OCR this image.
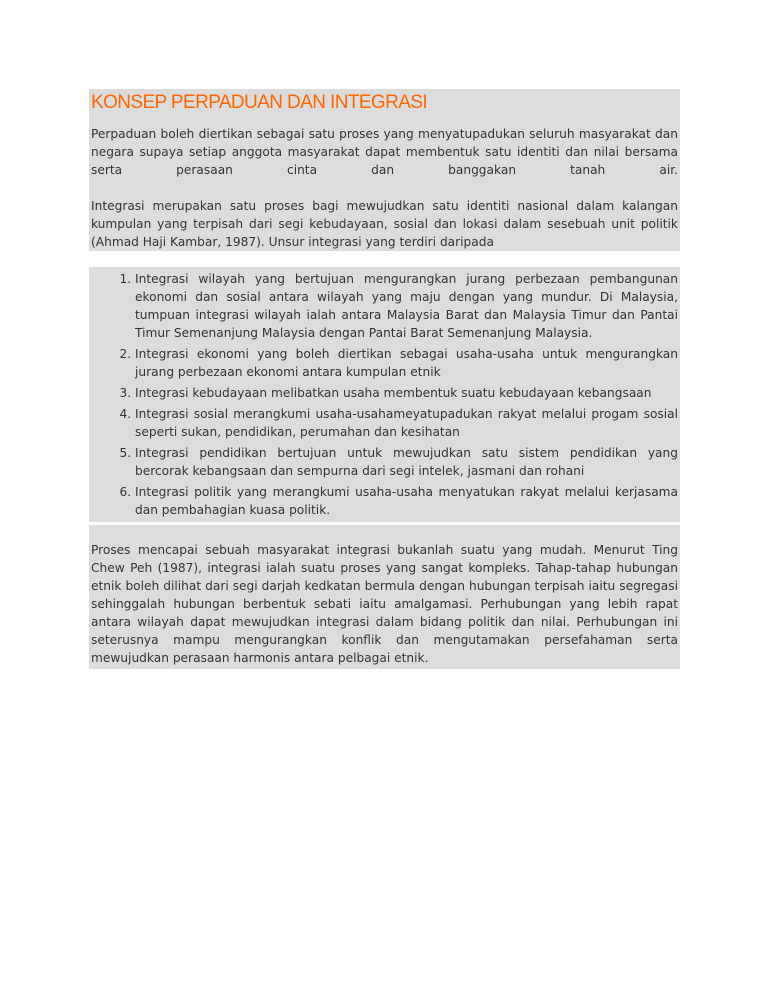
KONSEP PERPADUAN DAN INTEGRASI

Perpaduan boleh diertikan sebagai satu proses yang menyatupadukan seluruh masyarakat dan negara supaya setiap anggota masyarakat dapat membentuk satu identiti dan nilai bersama serta perasaan cinta dan banggakan tanah air.

Integrasi merupakan satu proses bagi mewujudkan satu identiti nasional dalam kalangan kumpulan yang terpisah dari segi kebudayaan, sosial dan lokasi dalam sesebuah unit politik (Ahmad Haji Kambar, 1987). Unsur integrasi yang terdiri daripada

1. Integrasi wilayah yang bertujuan mengurangkan jurang perbezaan pembangunan ekonomi dan sosial antara wilayah yang maju dengan yang mundur. Di Malaysia, tumpuan integrasi wilayah ialah antara Malaysia Barat dan Malaysia Timur dan Pantai Timur Semenanjung Malaysia dengan Pantai Barat Semenanjung Malaysia.
2. Integrasi ekonomi yang boleh diertikan sebagai usaha-usaha untuk mengurangkan jurang perbezaan ekonomi antara kumpulan etnik
3. Integrasi kebudayaan melibatkan usaha membentuk suatu kebudayaan kebangsaan
4. Integrasi sosial merangkumi usaha-usahameyatupadukan rakyat melalui progam sosial seperti sukan, pendidikan, perumahan dan kesihatan
5. Integrasi pendidikan bertujuan untuk mewujudkan satu sistem pendidikan yang bercorak kebangsaan dan sempurna dari segi intelek, jasmani dan rohani
6. Integrasi politik yang merangkumi usaha-usaha menyatukan rakyat melalui kerjasama dan pembahagian kuasa politik.

Proses mencapai sebuah masyarakat integrasi bukanlah suatu yang mudah. Menurut Ting Chew Peh (1987), integrasi ialah suatu proses yang sangat kompleks. Tahap-tahap hubungan etnik boleh dilihat dari segi darjah kedkatan bermula dengan hubungan terpisah iaitu segregasi sehinggalah hubungan berbentuk sebati iaitu amalgamasi. Perhubungan yang lebih rapat antara wilayah dapat mewujudkan integrasi dalam bidang politik dan nilai. Perhubungan ini seterusnya mampu mengurangkan konflik dan mengutamakan persefahaman serta mewujudkan perasaan harmonis antara pelbagai etnik.
